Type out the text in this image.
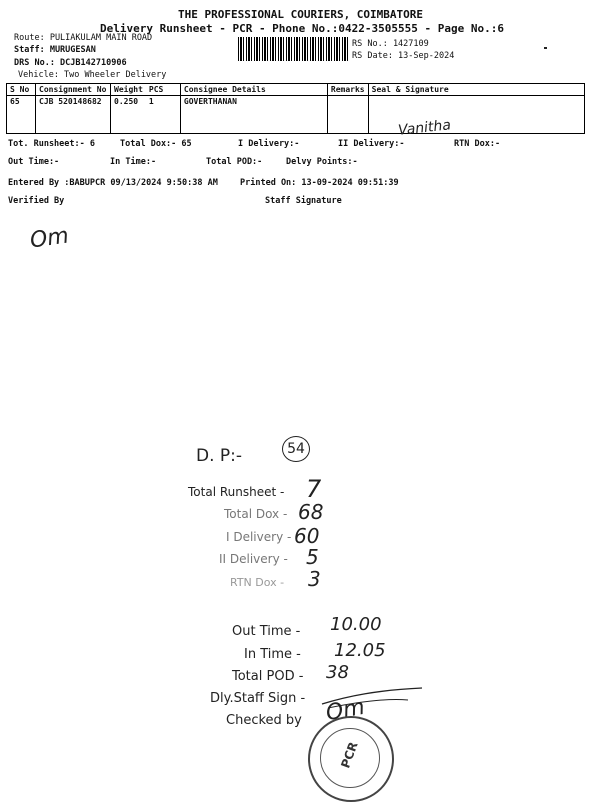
THE PROFESSIONAL COURIERS, COIMBATORE
Delivery Runsheet - PCR - Phone No.:0422-3505555 - Page No.:6
Route: PULIAKULAM MAIN ROAD
Staff: MURUGESAN
DRS No.: DCJB142710906
Vehicle: Two Wheeler Delivery
RS No.: 1427109
RS Date: 13-Sep-2024
S No	Consignment No	Weight	PCS	Consignee Details	Remarks	Seal & Signature
65	CJB 520148682	0.250	1	GOVERTHANAN		
Vanitha
Tot. Runsheet:- 6	Total Dox:- 65	I Delivery:-	II Delivery:-	RTN Dox:-
Out Time:-	In Time:-	Total POD:-	Delvy Points:-
Entered By :BABUPCR 09/13/2024 9:50:38 AM	Printed On: 13-09-2024 09:51:39
Verified By	Staff Signature
Om
D. P:-	54
Total Runsheet - 7
Total Dox - 68
I Delivery - 60
II Delivery - 5
RTN Dox - 3
Out Time - 10.00
In Time - 12.05
Total POD - 38
Dly.Staff Sign -
Checked by Om
PCR
